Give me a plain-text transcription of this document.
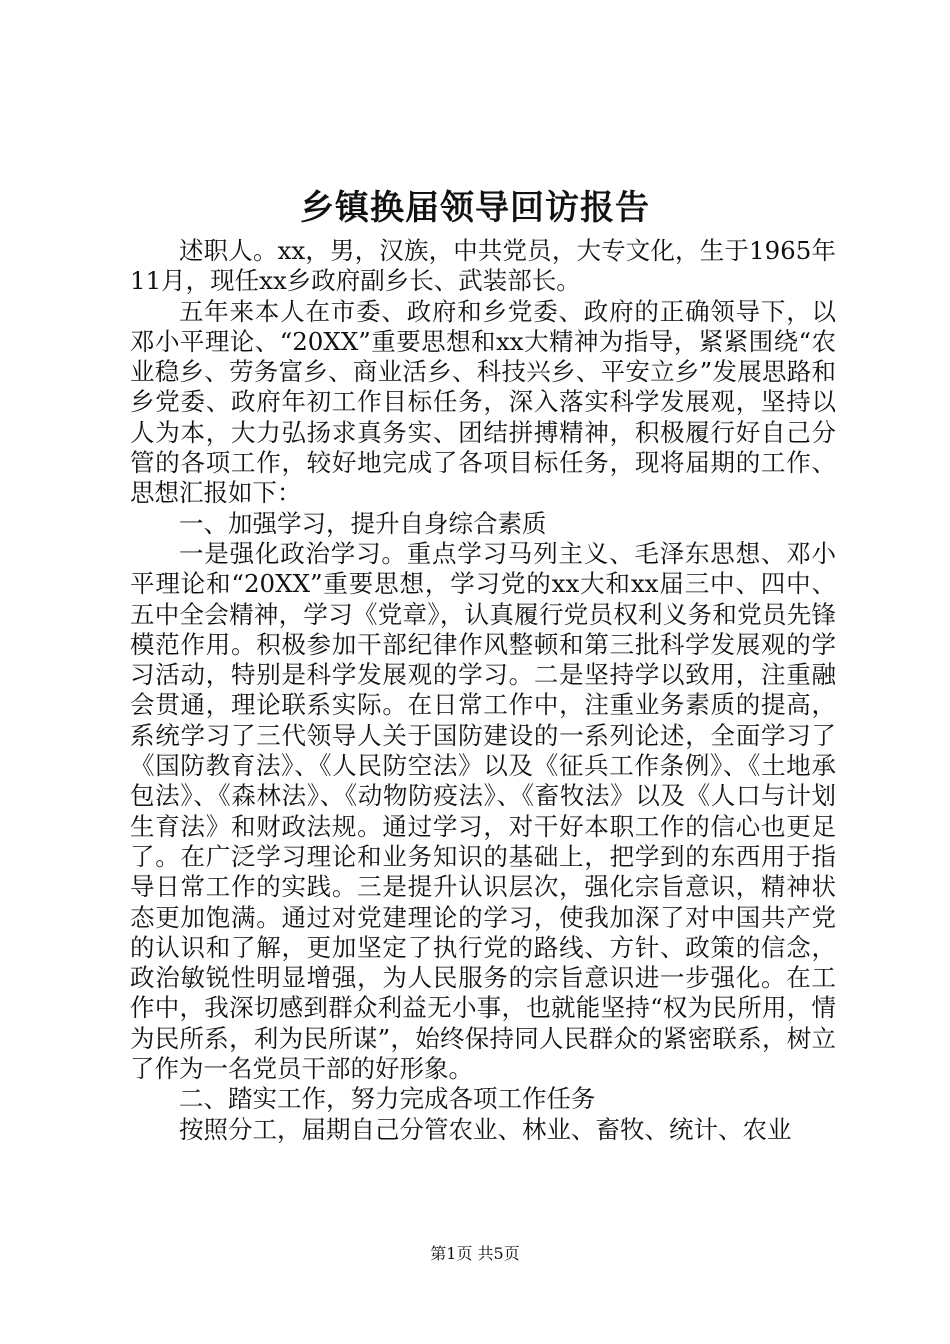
乡镇换届领导回访报告

述职人。xx，男，汉族，中共党员，大专文化，生于1965年11月，现任xx乡政府副乡长、武装部长。

五年来本人在市委、政府和乡党委、政府的正确领导下，以邓小平理论、“20XX”重要思想和xx大精神为指导，紧紧围绕“农业稳乡、劳务富乡、商业活乡、科技兴乡、平安立乡”发展思路和乡党委、政府年初工作目标任务，深入落实科学发展观，坚持以人为本，大力弘扬求真务实、团结拼搏精神，积极履行好自己分管的各项工作，较好地完成了各项目标任务，现将届期的工作、思想汇报如下：

一、加强学习，提升自身综合素质

一是强化政治学习。重点学习马列主义、毛泽东思想、邓小平理论和“20XX”重要思想，学习党的xx大和xx届三中、四中、五中全会精神，学习《党章》，认真履行党员权利义务和党员先锋模范作用。积极参加干部纪律作风整顿和第三批科学发展观的学习活动，特别是科学发展观的学习。二是坚持学以致用，注重融会贯通，理论联系实际。在日常工作中，注重业务素质的提高，系统学习了三代领导人关于国防建设的一系列论述，全面学习了《国防教育法》、《人民防空法》以及《征兵工作条例》、《土地承包法》、《森林法》、《动物防疫法》、《畜牧法》以及《人口与计划生育法》和财政法规。通过学习，对干好本职工作的信心也更足了。在广泛学习理论和业务知识的基础上，把学到的东西用于指导日常工作的实践。三是提升认识层次，强化宗旨意识，精神状态更加饱满。通过对党建理论的学习，使我加深了对中国共产党的认识和了解，更加坚定了执行党的路线、方针、政策的信念，政治敏锐性明显增强，为人民服务的宗旨意识进一步强化。在工作中，我深切感到群众利益无小事，也就能坚持“权为民所用，情为民所系，利为民所谋”，始终保持同人民群众的紧密联系，树立了作为一名党员干部的好形象。

二、踏实工作，努力完成各项工作任务

按照分工，届期自己分管农业、林业、畜牧、统计、农业

第1页 共5页
